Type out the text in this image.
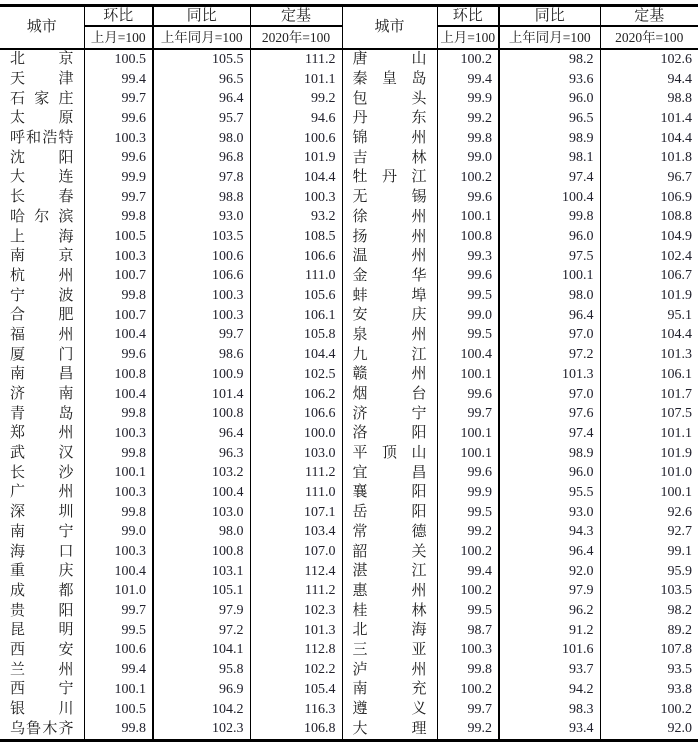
城市	环比	同比	定基	城市	环比	同比	定基
	上月=100	上年同月=100	2020年=100		上月=100	上年同月=100	2020年=100

北京	100.5	105.5	111.2	唐山	100.2	98.2	102.6

天津	99.4	96.5	101.1	秦皇岛	99.4	93.6	94.4

石家庄	99.7	96.4	99.2	包头	99.9	96.0	98.8

太原	99.6	95.7	94.6	丹东	99.2	96.5	101.4

呼和浩特	100.3	98.0	100.6	锦州	99.8	98.9	104.4

沈阳	99.6	96.8	101.9	吉林	99.0	98.1	101.8

大连	99.9	97.8	104.4	牡丹江	100.2	97.4	96.7

长春	99.7	98.8	100.3	无锡	99.6	100.4	106.9

哈尔滨	99.8	93.0	93.2	徐州	100.1	99.8	108.8

上海	100.5	103.5	108.5	扬州	100.8	96.0	104.9

南京	100.3	100.6	106.6	温州	99.3	97.5	102.4

杭州	100.7	106.6	111.0	金华	99.6	100.1	106.7

宁波	99.8	100.3	105.6	蚌埠	99.5	98.0	101.9

合肥	100.7	100.3	106.1	安庆	99.0	96.4	95.1

福州	100.4	99.7	105.8	泉州	99.5	97.0	104.4

厦门	99.6	98.6	104.4	九江	100.4	97.2	101.3

南昌	100.8	100.9	102.5	赣州	100.1	101.3	106.1

济南	100.4	101.4	106.2	烟台	99.6	97.0	101.7

青岛	99.8	100.8	106.6	济宁	99.7	97.6	107.5

郑州	100.3	96.4	100.0	洛阳	100.1	97.4	101.1

武汉	99.8	96.3	103.0	平顶山	100.1	98.9	101.9

长沙	100.1	103.2	111.2	宜昌	99.6	96.0	101.0

广州	100.3	100.4	111.0	襄阳	99.9	95.5	100.1

深圳	99.8	103.0	107.1	岳阳	99.5	93.0	92.6

南宁	99.0	98.0	103.4	常德	99.2	94.3	92.7

海口	100.3	100.8	107.0	韶关	100.2	96.4	99.1

重庆	100.4	103.1	112.4	湛江	99.4	92.0	95.9

成都	101.0	105.1	111.2	惠州	100.2	97.9	103.5

贵阳	99.7	97.9	102.3	桂林	99.5	96.2	98.2

昆明	99.5	97.2	101.3	北海	98.7	91.2	89.2

西安	100.6	104.1	112.8	三亚	100.3	101.6	107.8

兰州	99.4	95.8	102.2	泸州	99.8	93.7	93.5

西宁	100.1	96.9	105.4	南充	100.2	94.2	93.8

银川	100.5	104.2	116.3	遵义	99.7	98.3	100.2

乌鲁木齐	99.8	102.3	106.8	大理	99.2	93.4	92.0
